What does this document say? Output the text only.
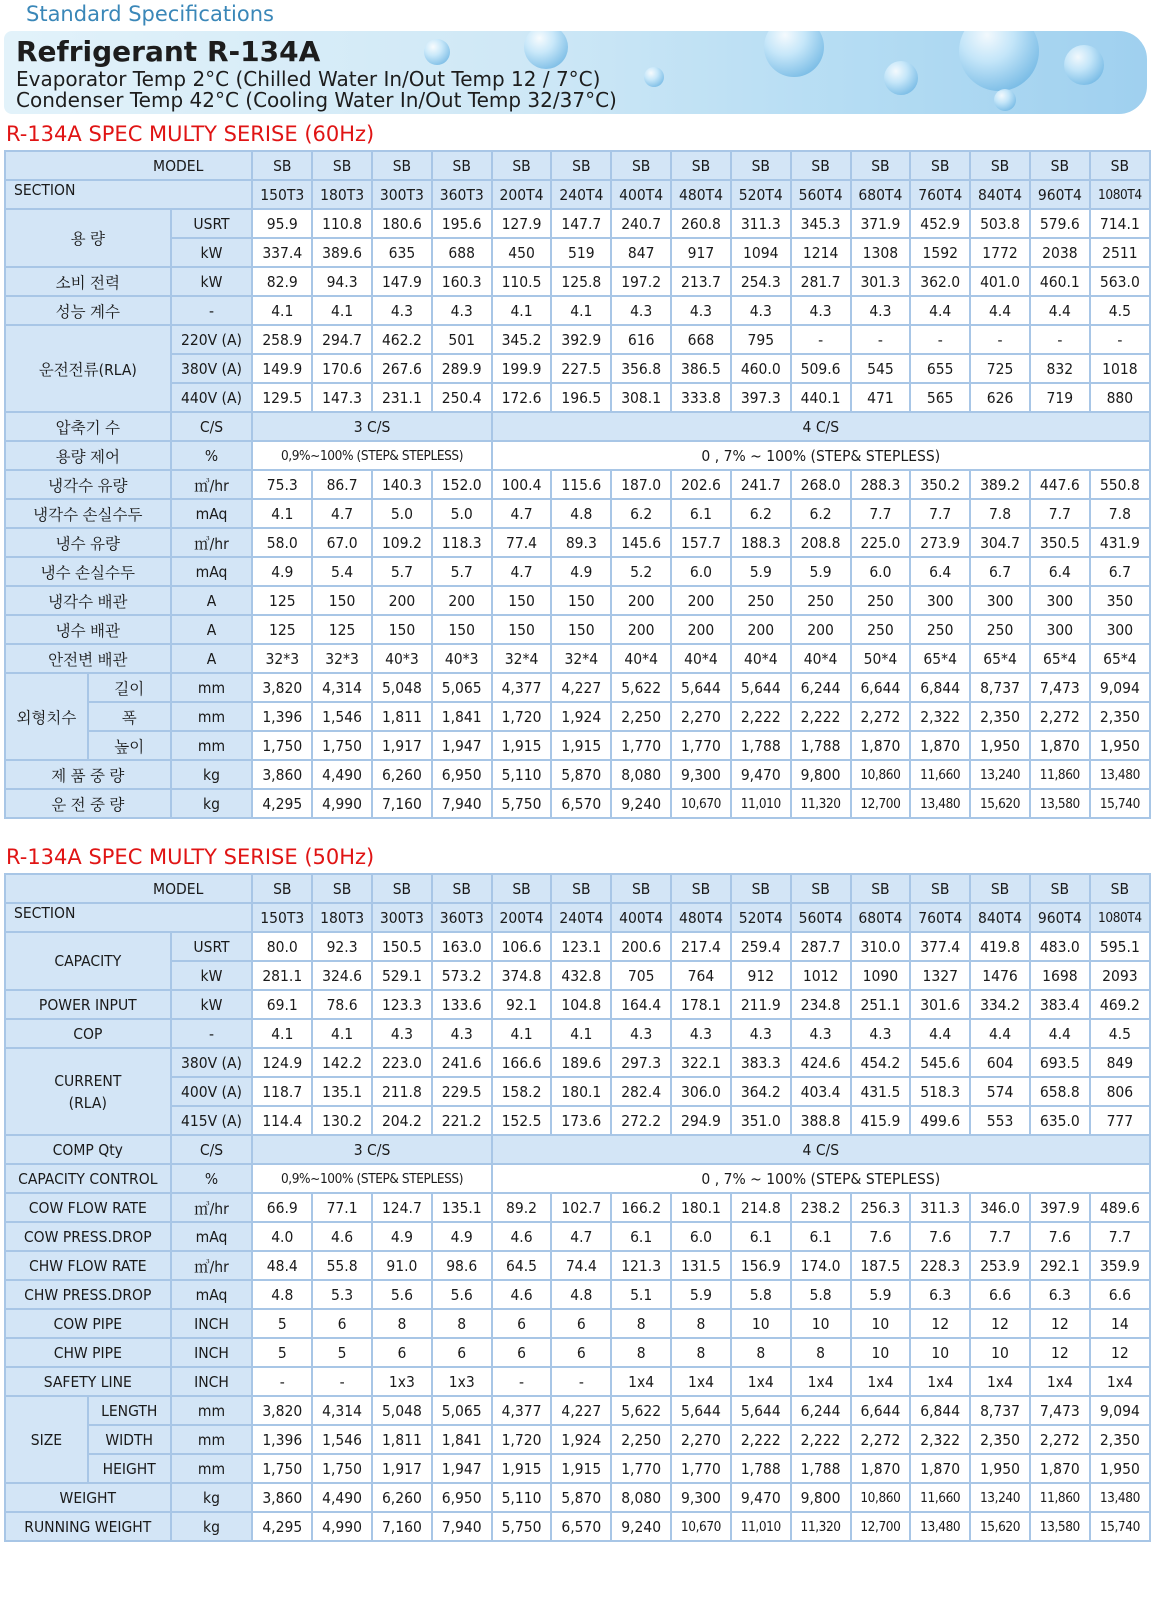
Standard Specifications
Refrigerant R-134A
Evaporator Temp 2°C (Chilled Water In/Out Temp 12 / 7°C)
Condenser Temp 42°C (Cooling Water In/Out Temp 32/37°C)
R-134A SPEC MULTY SERISE (60Hz)
MODEL			SB	SB	SB	SB	SB	SB	SB	SB	SB	SB	SB	SB	SB	SB	SB
SECTION			150T3	180T3	300T3	360T3	200T4	240T4	400T4	480T4	520T4	560T4	680T4	760T4	840T4	960T4	1080T4
용 량		USRT	95.9	110.8	180.6	195.6	127.9	147.7	240.7	260.8	311.3	345.3	371.9	452.9	503.8	579.6	714.1
		kW	337.4	389.6	635	688	450	519	847	917	1094	1214	1308	1592	1772	2038	2511
소비 전력		kW	82.9	94.3	147.9	160.3	110.5	125.8	197.2	213.7	254.3	281.7	301.3	362.0	401.0	460.1	563.0
성능 계수		-	4.1	4.1	4.3	4.3	4.1	4.1	4.3	4.3	4.3	4.3	4.3	4.4	4.4	4.4	4.5
운전전류(RLA)		220V (A)	258.9	294.7	462.2	501	345.2	392.9	616	668	795	-	-	-	-	-	-
		380V (A)	149.9	170.6	267.6	289.9	199.9	227.5	356.8	386.5	460.0	509.6	545	655	725	832	1018
		440V (A)	129.5	147.3	231.1	250.4	172.6	196.5	308.1	333.8	397.3	440.1	471	565	626	719	880
압축기 수		C/S	3 C/S				4 C/S										
용량 제어		%	0,9%~100% (STEP& STEPLESS)				0 , 7% ~ 100% (STEP& STEPLESS)										
냉각수 유량		㎥/hr	75.3	86.7	140.3	152.0	100.4	115.6	187.0	202.6	241.7	268.0	288.3	350.2	389.2	447.6	550.8
냉각수 손실수두		mAq	4.1	4.7	5.0	5.0	4.7	4.8	6.2	6.1	6.2	6.2	7.7	7.7	7.8	7.7	7.8
냉수 유량		㎥/hr	58.0	67.0	109.2	118.3	77.4	89.3	145.6	157.7	188.3	208.8	225.0	273.9	304.7	350.5	431.9
냉수 손실수두		mAq	4.9	5.4	5.7	5.7	4.7	4.9	5.2	6.0	5.9	5.9	6.0	6.4	6.7	6.4	6.7
냉각수 배관		A	125	150	200	200	150	150	200	200	250	250	250	300	300	300	350
냉수 배관		A	125	125	150	150	150	150	200	200	200	200	250	250	250	300	300
안전변 배관		A	32*3	32*3	40*3	40*3	32*4	32*4	40*4	40*4	40*4	40*4	50*4	65*4	65*4	65*4	65*4
외형치수	길이	mm	3,820	4,314	5,048	5,065	4,377	4,227	5,622	5,644	5,644	6,244	6,644	6,844	8,737	7,473	9,094
	폭	mm	1,396	1,546	1,811	1,841	1,720	1,924	2,250	2,270	2,222	2,222	2,272	2,322	2,350	2,272	2,350
	높이	mm	1,750	1,750	1,917	1,947	1,915	1,915	1,770	1,770	1,788	1,788	1,870	1,870	1,950	1,870	1,950
제 품 중 량		kg	3,860	4,490	6,260	6,950	5,110	5,870	8,080	9,300	9,470	9,800	10,860	11,660	13,240	11,860	13,480
운 전 중 량		kg	4,295	4,990	7,160	7,940	5,750	6,570	9,240	10,670	11,010	11,320	12,700	13,480	15,620	13,580	15,740
R-134A SPEC MULTY SERISE (50Hz)
MODEL			SB	SB	SB	SB	SB	SB	SB	SB	SB	SB	SB	SB	SB	SB	SB
SECTION			150T3	180T3	300T3	360T3	200T4	240T4	400T4	480T4	520T4	560T4	680T4	760T4	840T4	960T4	1080T4
CAPACITY		USRT	80.0	92.3	150.5	163.0	106.6	123.1	200.6	217.4	259.4	287.7	310.0	377.4	419.8	483.0	595.1
		kW	281.1	324.6	529.1	573.2	374.8	432.8	705	764	912	1012	1090	1327	1476	1698	2093
POWER INPUT		kW	69.1	78.6	123.3	133.6	92.1	104.8	164.4	178.1	211.9	234.8	251.1	301.6	334.2	383.4	469.2
COP		-	4.1	4.1	4.3	4.3	4.1	4.1	4.3	4.3	4.3	4.3	4.3	4.4	4.4	4.4	4.5

CURRENT
(RLA)		380V (A)	124.9	142.2	223.0	241.6	166.6	189.6	297.3	322.1	383.3	424.6	454.2	545.6	604	693.5	849
		400V (A)	118.7	135.1	211.8	229.5	158.2	180.1	282.4	306.0	364.2	403.4	431.5	518.3	574	658.8	806
		415V (A)	114.4	130.2	204.2	221.2	152.5	173.6	272.2	294.9	351.0	388.8	415.9	499.6	553	635.0	777
COMP Qty		C/S	3 C/S				4 C/S										
CAPACITY CONTROL		%	0,9%~100% (STEP& STEPLESS)				0 , 7% ~ 100% (STEP& STEPLESS)										
COW FLOW RATE		㎥/hr	66.9	77.1	124.7	135.1	89.2	102.7	166.2	180.1	214.8	238.2	256.3	311.3	346.0	397.9	489.6
COW PRESS.DROP		mAq	4.0	4.6	4.9	4.9	4.6	4.7	6.1	6.0	6.1	6.1	7.6	7.6	7.7	7.6	7.7
CHW FLOW RATE		㎥/hr	48.4	55.8	91.0	98.6	64.5	74.4	121.3	131.5	156.9	174.0	187.5	228.3	253.9	292.1	359.9
CHW PRESS.DROP		mAq	4.8	5.3	5.6	5.6	4.6	4.8	5.1	5.9	5.8	5.8	5.9	6.3	6.6	6.3	6.6
COW PIPE		INCH	5	6	8	8	6	6	8	8	10	10	10	12	12	12	14
CHW PIPE		INCH	5	5	6	6	6	6	8	8	8	8	10	10	10	12	12
SAFETY LINE		INCH	-	-	1x3	1x3	-	-	1x4	1x4	1x4	1x4	1x4	1x4	1x4	1x4	1x4
SIZE	LENGTH	mm	3,820	4,314	5,048	5,065	4,377	4,227	5,622	5,644	5,644	6,244	6,644	6,844	8,737	7,473	9,094
	WIDTH	mm	1,396	1,546	1,811	1,841	1,720	1,924	2,250	2,270	2,222	2,222	2,272	2,322	2,350	2,272	2,350
	HEIGHT	mm	1,750	1,750	1,917	1,947	1,915	1,915	1,770	1,770	1,788	1,788	1,870	1,870	1,950	1,870	1,950
WEIGHT		kg	3,860	4,490	6,260	6,950	5,110	5,870	8,080	9,300	9,470	9,800	10,860	11,660	13,240	11,860	13,480
RUNNING WEIGHT		kg	4,295	4,990	7,160	7,940	5,750	6,570	9,240	10,670	11,010	11,320	12,700	13,480	15,620	13,580	15,740
